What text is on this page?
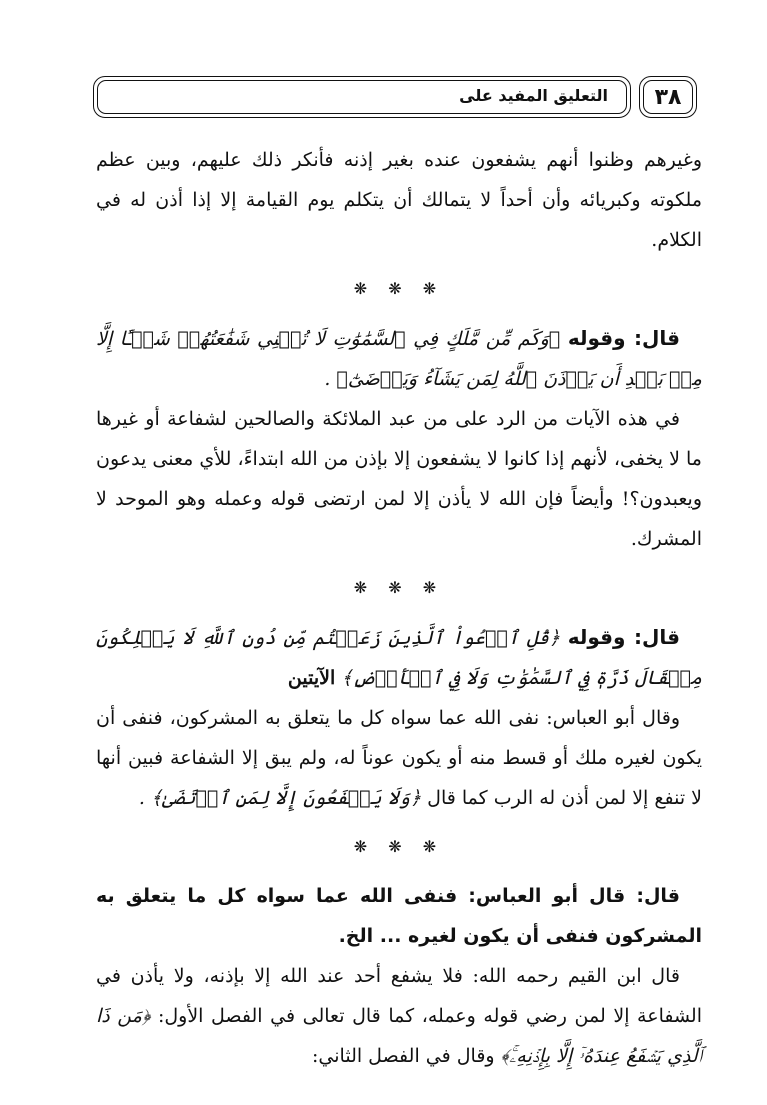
٣٨
التعليق المفيد على

وغيرهم وظنوا أنهم يشفعون عنده بغير إذنه فأنكر ذلك عليهم، وبين عظم ملكوته وكبريائه وأن أحداً لا يتمالك أن يتكلم يوم القيامة إلا إذا أذن له في الكلام.

❋ ❋ ❋

قال: وقوله ﴿وَكَم مِّن مَّلَكٍ فِي ٱلسَّمَٰوَٰتِ لَا تُغۡنِي شَفَٰعَتُهُمۡ شَيۡـًٔا إِلَّا مِنۢ بَعۡدِ أَن يَأۡذَنَ ٱللَّهُ لِمَن يَشَآءُ وَيَرۡضَىٰٓ﴾ .

في هذه الآيات من الرد على من عبد الملائكة والصالحين لشفاعة أو غيرها ما لا يخفى، لأنهم إذا كانوا لا يشفعون إلا بإذن من الله ابتداءً، للأي معنى يدعون ويعبدون؟! وأيضاً فإن الله لا يأذن إلا لمن ارتضى قوله وعمله وهو الموحد لا المشرك.

❋ ❋ ❋

قال: وقوله ﴿قُلِ ٱدۡعُواْ ٱلَّذِينَ زَعَمۡتُم مِّن دُونِ ٱللَّهِ لَا يَمۡلِكُونَ مِثۡقَالَ ذَرَّةٖ فِي ٱلسَّمَٰوَٰتِ وَلَا فِي ٱلۡأَرۡضِ﴾ الآيتين

وقال أبو العباس: نفى الله عما سواه كل ما يتعلق به المشركون، فنفى أن يكون لغيره ملك أو قسط منه أو يكون عوناً له، ولم يبق إلا الشفاعة فبين أنها لا تنفع إلا لمن أذن له الرب كما قال ﴿وَلَا يَشۡفَعُونَ إِلَّا لِمَنِ ٱرۡتَضَىٰ﴾ .

❋ ❋ ❋

قال: قال أبو العباس: فنفى الله عما سواه كل ما يتعلق به المشركون فنفى أن يكون لغيره ... الخ.

قال ابن القيم رحمه الله: فلا يشفع أحد عند الله إلا بإذنه، ولا يأذن في الشفاعة إلا لمن رضي قوله وعمله، كما قال تعالى في الفصل الأول: ﴿مَن ذَا ٱلَّذِي يَشۡفَعُ عِندَهُۥٓ إِلَّا بِإِذۡنِهِۦۚ﴾ وقال في الفصل الثاني:
